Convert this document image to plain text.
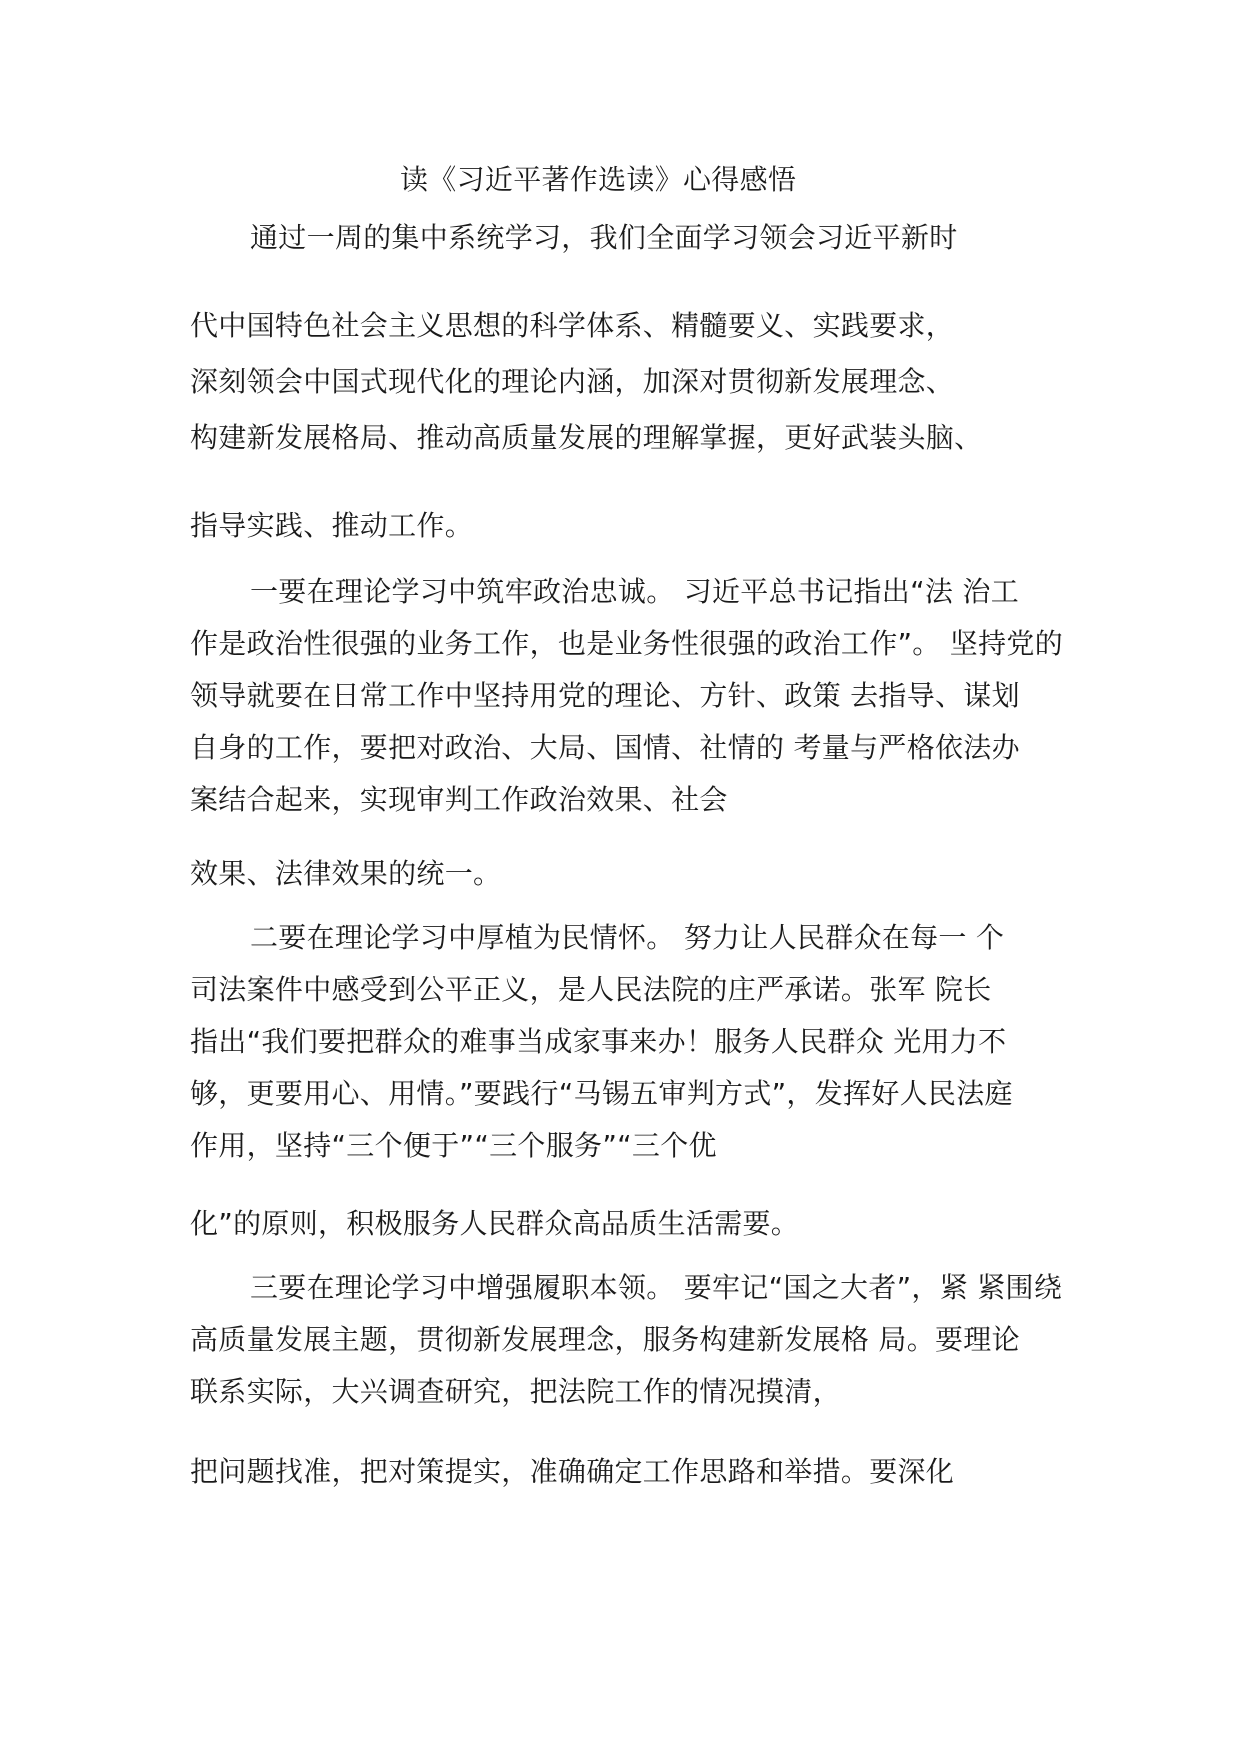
读《习近平著作选读》心得感悟
通过一周的集中系统学习，我们全面学习领会习近平新时
代中国特色社会主义思想的科学体系、精髓要义、实践要求，
深刻领会中国式现代化的理论内涵，加深对贯彻新发展理念、
构建新发展格局、推动高质量发展的理解掌握，更好武装头脑、
指导实践、推动工作。
一要在理论学习中筑牢政治忠诚。 习近平总书记指出“法 治工
作是政治性很强的业务工作，也是业务性很强的政治工作”。 坚持党的
领导就要在日常工作中坚持用党的理论、方针、政策 去指导、谋划
自身的工作，要把对政治、大局、国情、社情的 考量与严格依法办
案结合起来，实现审判工作政治效果、社会
效果、法律效果的统一。
二要在理论学习中厚植为民情怀。 努力让人民群众在每一 个
司法案件中感受到公平正义，是人民法院的庄严承诺。张军 院长
指出“我们要把群众的难事当成家事来办！服务人民群众 光用力不
够，更要用心、用情。”要践行“马锡五审判方式”，发挥好人民法庭
作用，坚持“三个便于”“三个服务”“三个优
化”的原则，积极服务人民群众高品质生活需要。
三要在理论学习中增强履职本领。 要牢记“国之大者”，紧 紧围绕
高质量发展主题，贯彻新发展理念，服务构建新发展格 局。要理论
联系实际，大兴调查研究，把法院工作的情况摸清，
把问题找准，把对策提实，准确确定工作思路和举措。要深化
